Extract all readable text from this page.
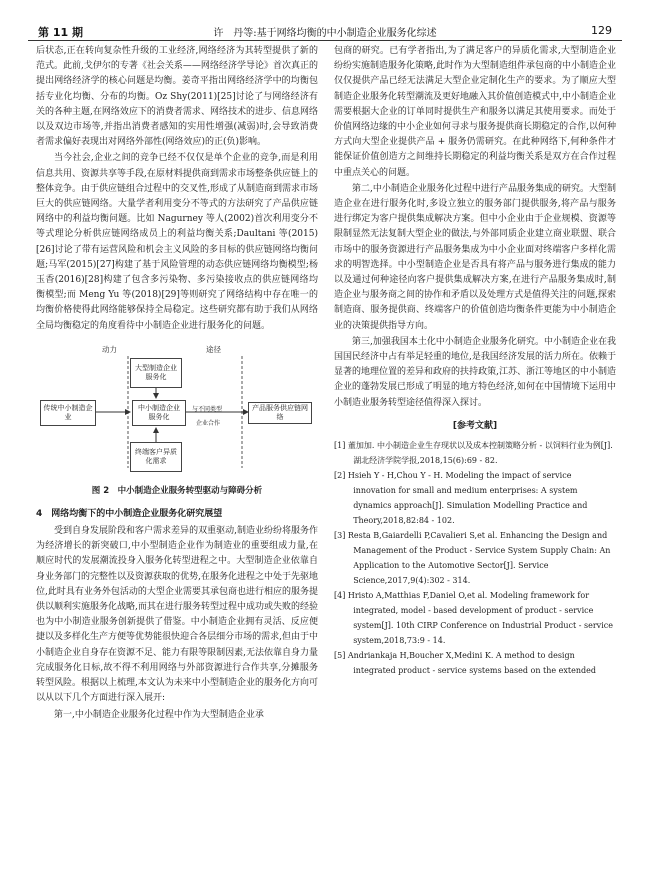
第 11 期	许　丹等:基于网络均衡的中小制造企业服务化综述	129

后状态,正在转向复杂性升级的工业经济,网络经济为其转型提供了新的范式。此前,戈伊尔的专著《社会关系——网络经济学导论》首次真正的提出网络经济学的核心问题是均衡。姜奇平指出网络经济学中的均衡包括专业化均衡、分布的均衡。Oz Shy(2011)[25]讨论了与网络经济有关的各种主题,在网络效应下的消费者需求、网络技术的进步、信息网络以及双边市场等,并指出消费者感知的实用性增强(减弱)时,会导致消费者需求偏好表现出对网络外部性(网络效应)的正(负)影响。

当今社会,企业之间的竞争已经不仅仅是单个企业的竞争,而是利用信息共用、资源共享等手段,在原材料提供商到需求市场整条供应链上的整体竞争。由于供应链组合过程中的交叉性,形成了从制造商到需求市场巨大的供应链网络。大量学者利用变分不等式的方法研究了产品供应链网络中的利益均衡问题。比如 Nagurney 等人(2002)首次利用变分不等式理论分析供应链网络成员上的利益均衡关系;Daultani 等(2015)[26]讨论了带有运营风险和机会主义风险的多目标的供应链网络均衡问题;马军(2015)[27]构建了基于风险管理的动态供应链网络均衡模型;杨玉香(2016)[28]构建了包含多污染物、多污染接收点的供应链网络均衡模型;而 Meng Yu 等(2018)[29]等则研究了网络结构中存在唯一的均衡价格使得此网络能够保持全局稳定。这些研究都有助于我们从网络全局均衡稳定的角度看待中小制造企业进行服务化的问题。

动力	途径
传统中小制造企业
大型制造企业服务化
中小制造企业服务化
终端客户异质化需求
产品服务供应链网络
与不同类型
企业合作
图 2　中小制造企业服务转型驱动与障碍分析
4　网络均衡下的中小制造企业服务化研究展望

受到自身发展阶段和客户需求差异的双重驱动,制造业纷纷将服务作为经济增长的新突破口,中小型制造企业作为制造业的重要组成力量,在顺应时代的发展潮流投身入服务化转型进程之中。大型制造企业依靠自身业务部门的完整性以及资源获取的优势,在服务化进程之中处于先驱地位,此时具有业务外包活动的大型企业需要其承包商也进行相应的服务提供以顺利实施服务化战略,而其在进行服务转型过程中成功或失败的经验也为中小制造业服务创新提供了借鉴。中小制造企业拥有灵活、反应便捷以及多样化生产方便等优势能很快迎合各层细分市场的需求,但由于中小制造企业自身存在资源不足、能力有限等限制因素,无法依靠自身力量完成服务化日标,故不得不利用网络与外部资源进行合作共享,分摊服务转型风险。根据以上梳理,本文认为未来中小型制造企业的服务化方向可以从以下几个方面进行深入展开:

第一,中小制造企业服务化过程中作为大型制造企业承

包商的研究。已有学者指出,为了满足客户的异质化需求,大型制造企业纷纷实施制造服务化策略,此时作为大型制造组件承包商的中小制造企业仅仅提供产品已经无法满足大型企业定制化生产的要求。为了顺应大型制造企业服务化转型潮流及更好地融入其价值创造模式中,中小制造企业需要根据大企业的订单同时提供生产和服务以满足其使用要求。而处于价值网络边缘的中小企业如何寻求与服务提供商长期稳定的合作,以何种方式向大型企业提供产品 + 服务仍需研究。在此种网络下,何种条件才能保证价值创造方之间维持长期稳定的利益均衡关系是双方在合作过程中重点关心的问题。

第二,中小制造企业服务化过程中进行产品服务集成的研究。大型制造企业在进行服务化时,多设立独立的服务部门提供服务,将产品与服务进行绑定为客户提供集成解决方案。但中小企业由于企业规模、资源等限制显然无法复制大型企业的做法,与外部同质企业建立商业联盟、联合市场中的服务资源进行产品服务集成为中小企业面对终端客户多样化需求的明智选择。中小型制造企业是否具有将产品与服务进行集成的能力以及通过何种途径向客户提供集成解决方案,在进行产品服务集成时,制造企业与服务商之间的协作和矛盾以及处理方式是值得关注的问题,探索制造商、服务提供商、终端客户的价值创造均衡条件更能为中小制造企业的决策提供指导方向。

第三,加强我国本土化中小制造企业服务化研究。中小制造企业在我国国民经济中占有举足轻重的地位,是我国经济发展的活力所在。依赖于显著的地理位置的差异和政府的扶持政策,江苏、浙江等地区的中小制造企业的蓬勃发展已形成了明显的地方特色经济,如何在中国情境下运用中小制造业服务转型途径值得深入探讨。

[参考文献]
[1] 董加加. 中小制造企业生存现状以及成本控制策略分析 - 以饲料行业为例[J]. 湖北经济学院学报,2018,15(6):69 - 82.
[2] Hsieh Y - H,Chou Y - H. Modeling the impact of service innovation for small and medium enterprises: A system dynamics approach[J]. Simulation Modelling Practice and Theory,2018,82:84 - 102.
[3] Resta B,Gaiardelli P,Cavalieri S,et al. Enhancing the Design and Management of the Product - Service System Supply Chain: An Application to the Automotive Sector[J]. Service Science,2017,9(4):302 - 314.
[4] Hristo A,Matthias F,Daniel O,et al. Modeling framework for integrated, model - based development of product - service system[J]. 10th CIRP Conference on Industrial Product - service system,2018,73:9 - 14.
[5] Andriankaja H,Boucher X,Medini K. A method to design integrated product - service systems based on the extended
